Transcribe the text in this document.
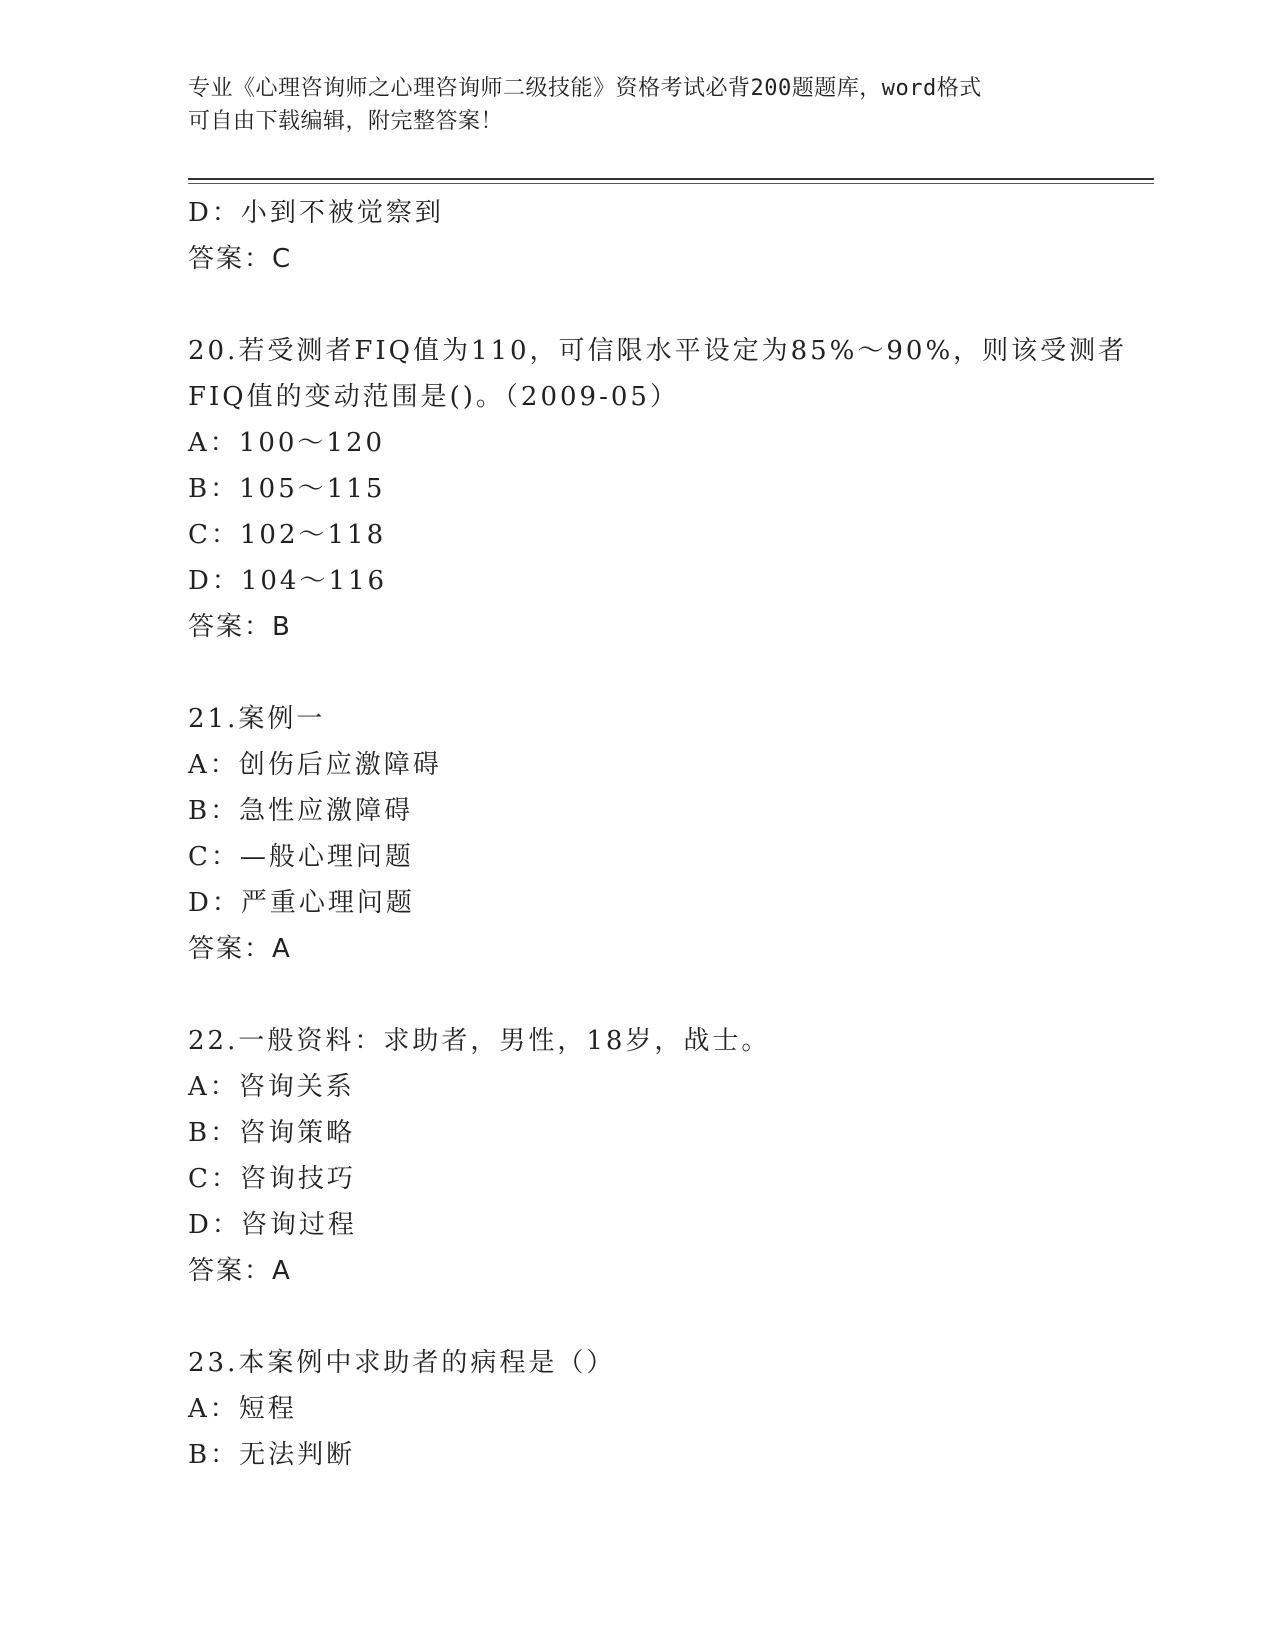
专业《心理咨询师之心理咨询师二级技能》资格考试必背200题题库，word格式
可自由下载编辑，附完整答案！
D：小到不被觉察到
答案：C
20.若受测者FIQ值为110，可信限水平设定为85%～90%，则该受测者
FIQ值的变动范围是()。（2009-05）
A：100～120
B：105～115
C：102～118
D：104～116
答案：B
21.案例一
A：创伤后应激障碍
B：急性应激障碍
C：—般心理问题
D：严重心理问题
答案：A
22.一般资料：求助者，男性，18岁，战士。
A：咨询关系
B：咨询策略
C：咨询技巧
D：咨询过程
答案：A
23.本案例中求助者的病程是（）
A：短程
B：无法判断
